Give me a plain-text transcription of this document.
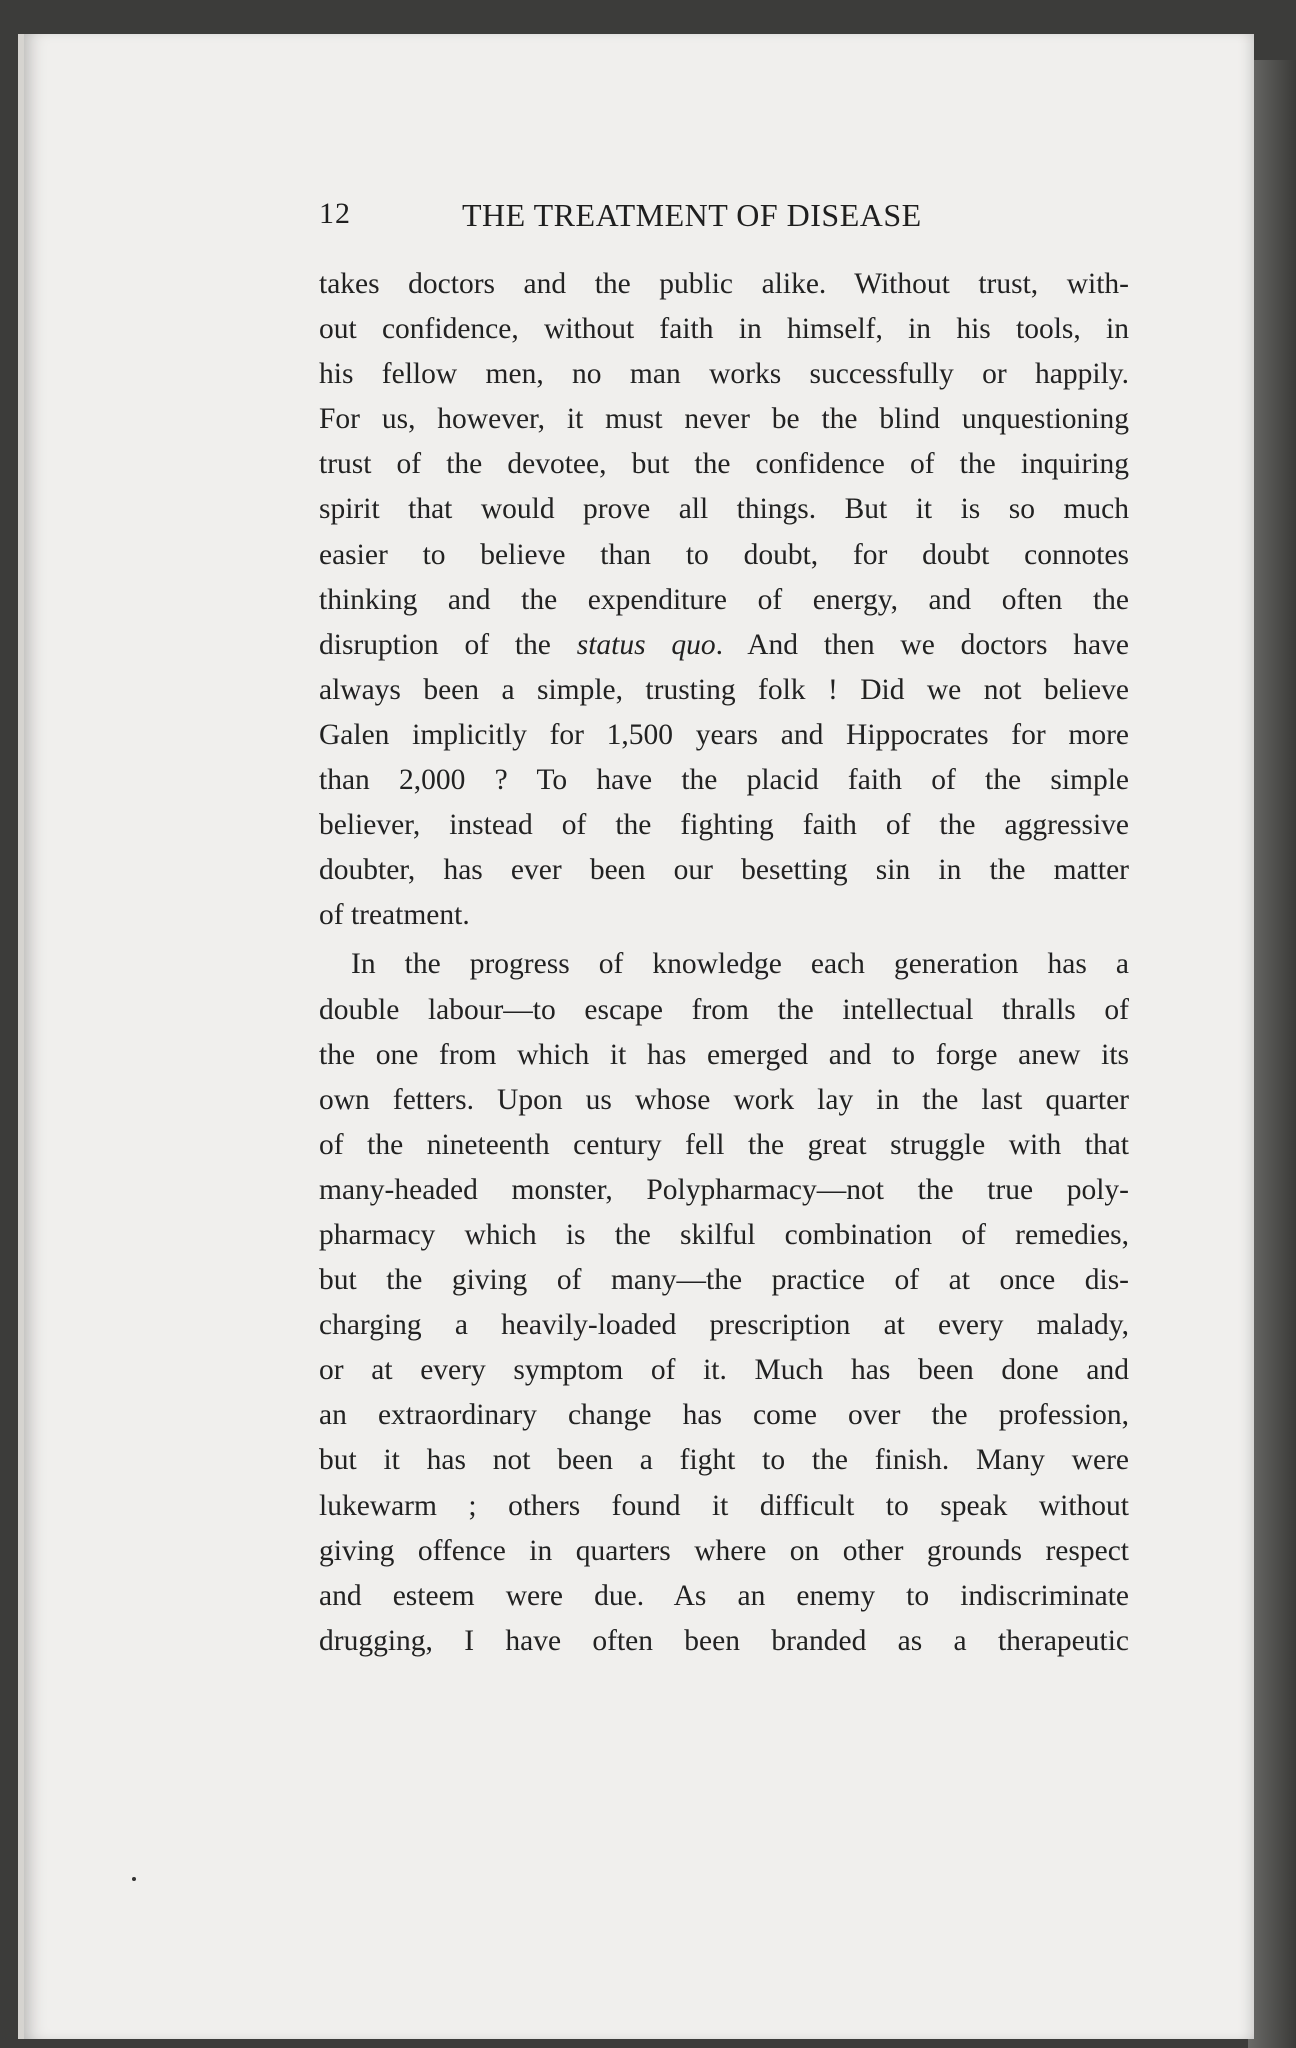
12	THE TREATMENT OF DISEASE
takes doctors and the public alike. Without trust, with-
out confidence, without faith in himself, in his tools, in
his fellow men, no man works successfully or happily.
For us, however, it must never be the blind unquestioning
trust of the devotee, but the confidence of the inquiring
spirit that would prove all things. But it is so much
easier to believe than to doubt, for doubt connotes
thinking and the expenditure of energy, and often the
disruption of the status quo. And then we doctors have
always been a simple, trusting folk ! Did we not believe
Galen implicitly for 1,500 years and Hippocrates for more
than 2,000 ? To have the placid faith of the simple
believer, instead of the fighting faith of the aggressive
doubter, has ever been our besetting sin in the matter
of treatment.
In the progress of knowledge each generation has a
double labour—to escape from the intellectual thralls of
the one from which it has emerged and to forge anew its
own fetters. Upon us whose work lay in the last quarter
of the nineteenth century fell the great struggle with that
many-headed monster, Polypharmacy—not the true poly-
pharmacy which is the skilful combination of remedies,
but the giving of many—the practice of at once dis-
charging a heavily-loaded prescription at every malady,
or at every symptom of it. Much has been done and
an extraordinary change has come over the profession,
but it has not been a fight to the finish. Many were
lukewarm ; others found it difficult to speak without
giving offence in quarters where on other grounds respect
and esteem were due. As an enemy to indiscriminate
drugging, I have often been branded as a therapeutic
